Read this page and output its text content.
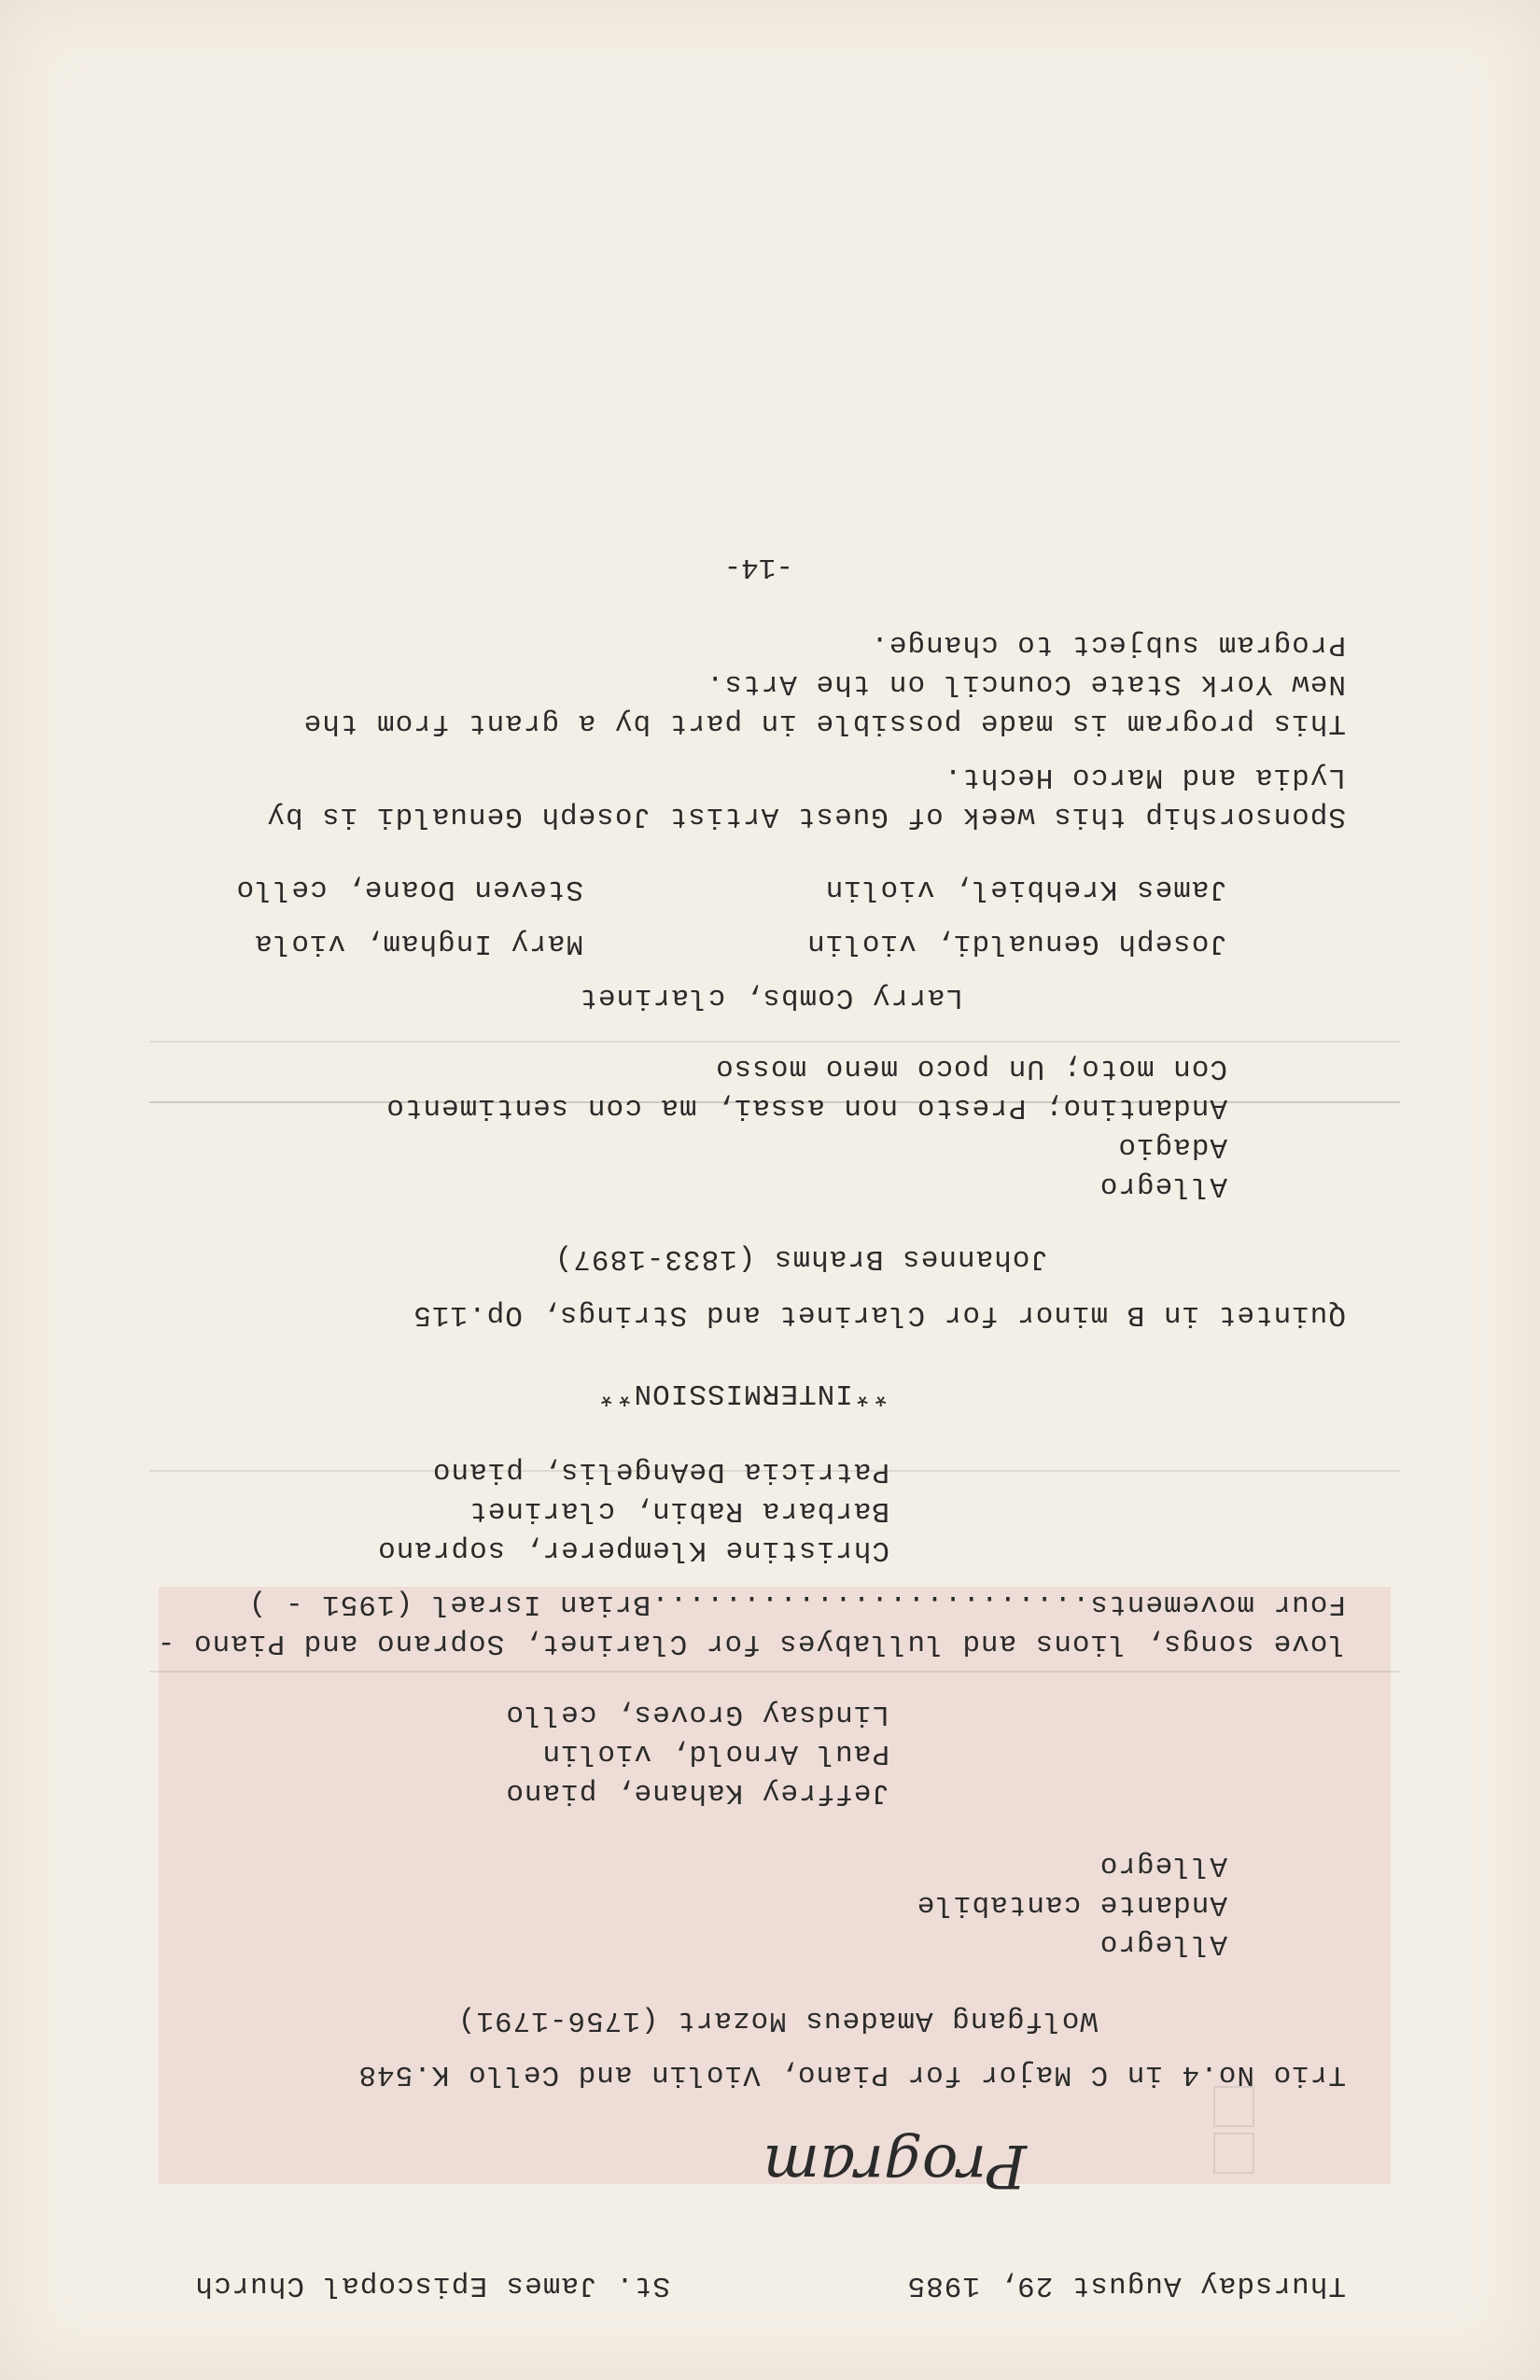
Thursday August 29, 1985
St. James Episcopal Church
Program
Trio No.4 in C Major for Piano, Violin and Cello K.548
Wolfgang Amadeus Mozart (1756-1791)
Allegro
Andante cantabile
Allegro
Jeffrey Kahane, piano
Paul Arnold, violin
Lindsay Groves, cello
love songs, lions and lullabyes for Clarinet, Soprano and Piano -
Four movements........................Brian Israel (1951 - )
Christine Klemperer, soprano
Barbara Rabin, clarinet
Patricia DeAngelis, piano
**INTERMISSION**
Quintet in B minor for Clarinet and Strings, Op.115
Johannes Brahms (1833-1897)
Allegro
Adagio
Andantino; Presto non assai, ma con sentimento
Con moto; Un poco meno mosso
Larry Combs, clarinet
Joseph Genualdi, violin
Mary Ingham, viola
James Krehbiel, violin
Steven Doane, cello
Sponsorship this week of Guest Artist Joseph Genualdi is by
Lydia and Marco Hecht.
This program is made possible in part by a grant from the
New York State Council on the Arts.
Program subject to change.
-14-
